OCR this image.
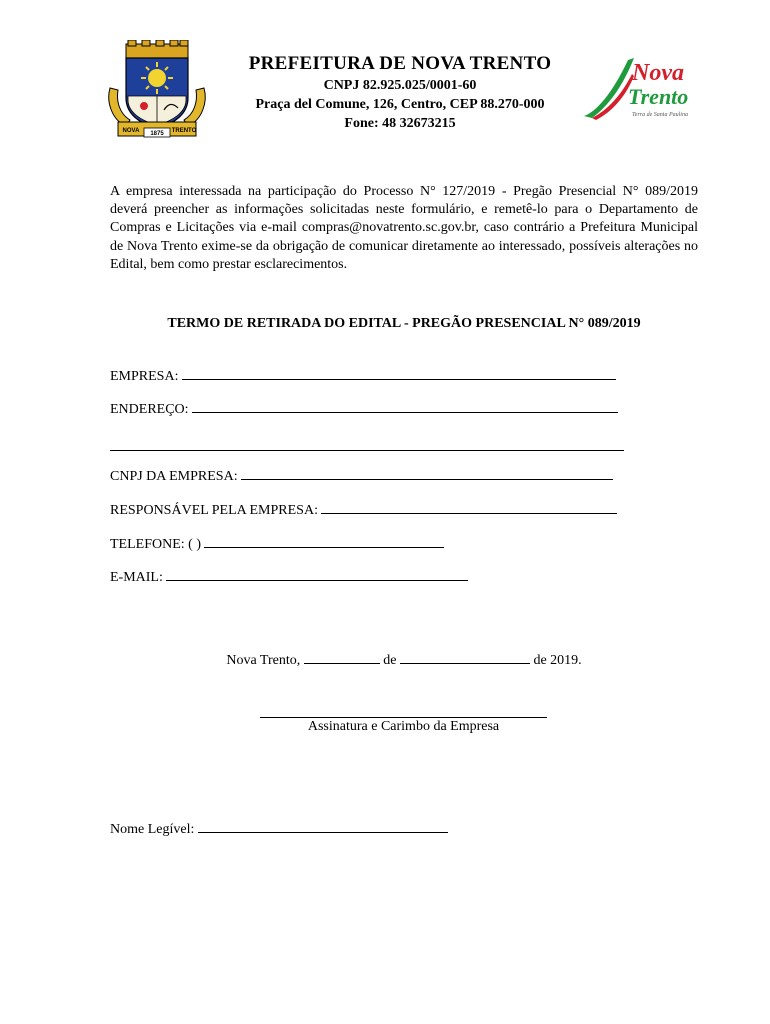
NOVA	TRENTO
1875
PREFEITURA DE NOVA TRENTO
CNPJ 82.925.025/0001-60
Praça del Comune, 126, Centro, CEP 88.270-000
Fone: 48 32673215
Nova
Trento
Terra de Santa Paulina
A empresa interessada na participação do Processo N° 127/2019 - Pregão Presencial N° 089/2019 deverá preencher as informações solicitadas neste formulário, e remetê-lo para o Departamento de Compras e Licitações via e-mail compras@novatrento.sc.gov.br, caso contrário a Prefeitura Municipal de Nova Trento exime-se da obrigação de comunicar diretamente ao interessado, possíveis alterações no Edital, bem como prestar esclarecimentos.
TERMO DE RETIRADA DO EDITAL - PREGÃO PRESENCIAL N° 089/2019
EMPRESA:
ENDEREÇO:
CNPJ DA EMPRESA:
RESPONSÁVEL PELA EMPRESA:
TELEFONE: ( )
E-MAIL:
Nova Trento,	de	de 2019.
Assinatura e Carimbo da Empresa
Nome Legível:
